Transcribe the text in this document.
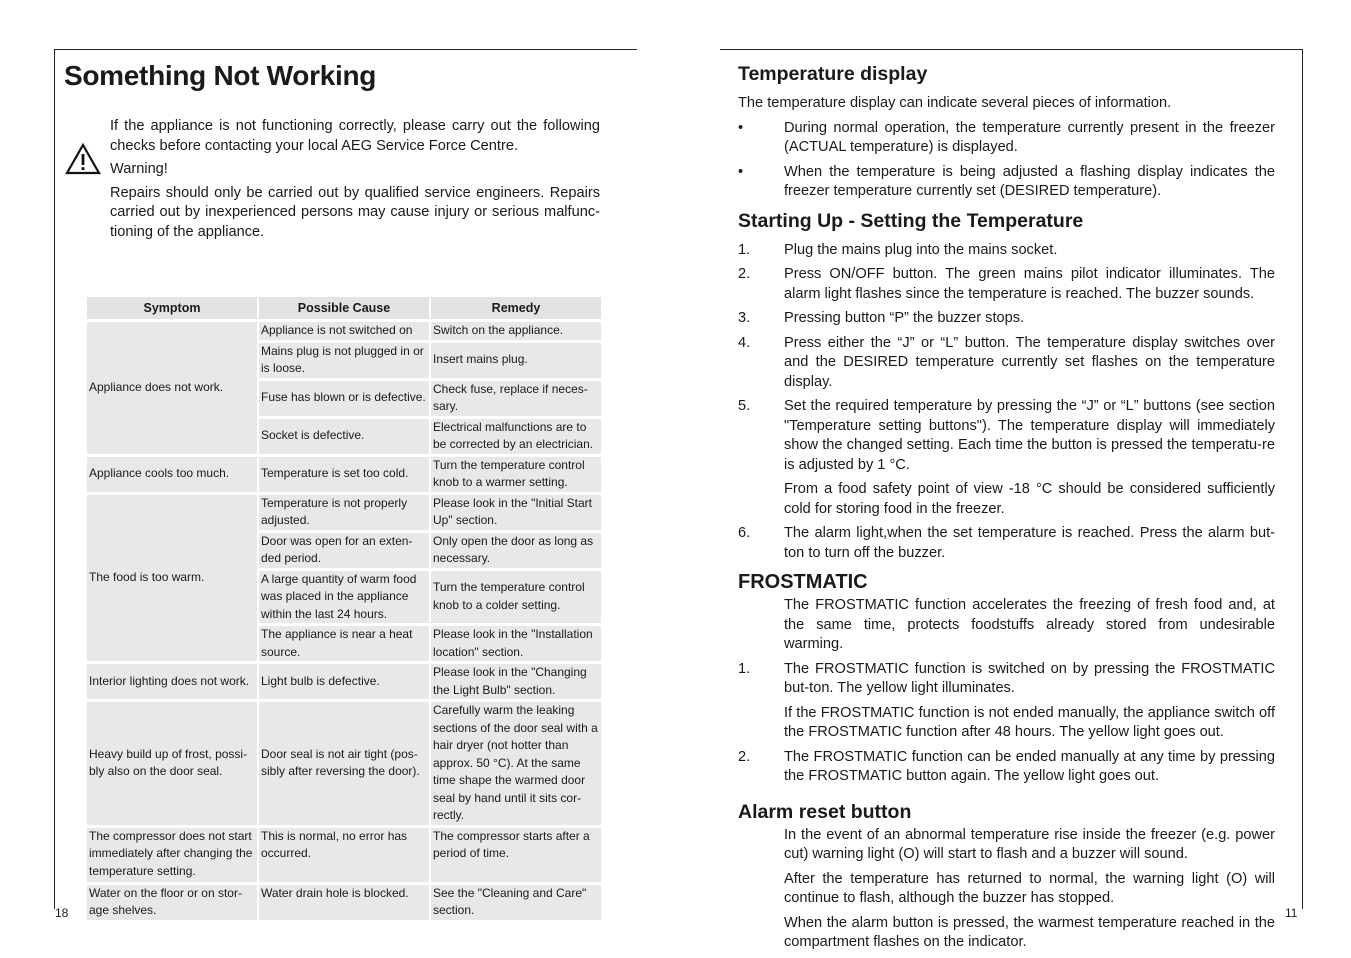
Something Not Working

If the appliance is not functioning correctly, please carry out the following checks before contacting your local AEG Service Force Centre.

Warning!

Repairs should only be carried out by qualified service engineers. Repairs carried out by inexperienced persons may cause injury or serious malfunc-tioning of the appliance.

Symptom	Possible Cause	Remedy
Appliance does not work.	Appliance is not switched on	Switch on the appliance.
	Mains plug is not plugged in or is loose.	Insert mains plug.
	Fuse has blown or is defective.	Check fuse, replace if neces-sary.
	Socket is defective.	Electrical malfunctions are to be corrected by an electrician.
Appliance cools too much.	Temperature is set too cold.	Turn the temperature control knob to a warmer setting.
The food is too warm.	Temperature is not properly adjusted.	Please look in the "Initial Start Up" section.
	Door was open for an exten-ded period.	Only open the door as long as necessary.
	A large quantity of warm food was placed in the appliance within the last 24 hours.	Turn the temperature control knob to a colder setting.
	The appliance is near a heat source.	Please look in the "Installation location" section.
Interior lighting does not work.	Light bulb is defective.	Please look in the "Changing the Light Bulb" section.
Heavy build up of frost, possi-bly also on the door seal.	Door seal is not air tight (pos-sibly after reversing the door).	Carefully warm the leaking sections of the door seal with a hair dryer (not hotter than approx. 50 °C). At the same time shape the warmed door seal by hand until it sits cor-rectly.
The compressor does not start immediately after changing the temperature setting.	This is normal, no error has occurred.	The compressor starts after a period of time.
Water on the floor or on stor-age shelves.	Water drain hole is blocked.	See the "Cleaning and Care" section.
18
Temperature display

The temperature display can indicate several pieces of information.

•	During normal operation, the temperature currently present in the freezer (ACTUAL temperature) is displayed.
•	When the temperature is being adjusted a flashing display indicates the freezer temperature currently set (DESIRED temperature).
Starting Up - Setting the Temperature
1.	Plug the mains plug into the mains socket.
2.	Press ON/OFF button. The green mains pilot indicator illuminates. The alarm light flashes since the temperature is reached. The buzzer sounds.
3.	Pressing button “P” the buzzer stops.
4.	Press either the “J” or “L” button. The temperature display switches over and the DESIRED temperature currently set flashes on the temperature display.
5.	Set the required temperature by pressing the “J” or “L” buttons (see section "Temperature setting buttons"). The temperature display will immediately show the changed setting. Each time the button is pressed the temperatu-re is adjusted by 1 °C.

From a food safety point of view -18 °C should be considered sufficiently cold for storing food in the freezer.

6.	The alarm light,when the set temperature is reached. Press the alarm but-ton to turn off the buzzer.
FROSTMATIC

The FROSTMATIC function accelerates the freezing of fresh food and, at the same time, protects foodstuffs already stored from undesirable warming.

1.	The FROSTMATIC function is switched on by pressing the FROSTMATIC but-ton. The yellow light illuminates.

If the FROSTMATIC function is not ended manually, the appliance switch off the FROSTMATIC function after 48 hours. The yellow light goes out.

2.	The FROSTMATIC function can be ended manually at any time by pressing the FROSTMATIC button again. The yellow light goes out.
Alarm reset button

In the event of an abnormal temperature rise inside the freezer (e.g. power cut) warning light (O) will start to flash and a buzzer will sound.

After the temperature has returned to normal, the warning light (O) will continue to flash, although the buzzer has stopped.

When the alarm button is pressed, the warmest temperature reached in the compartment flashes on the indicator.

11
